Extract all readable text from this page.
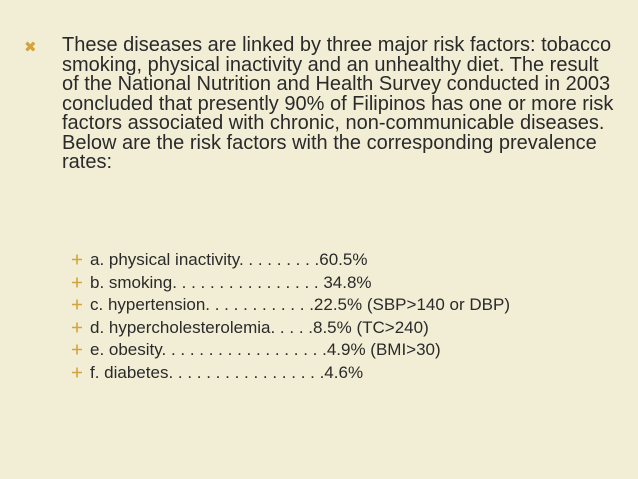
✖ These diseases are linked by three major risk factors: tobacco smoking, physical inactivity and an unhealthy diet. The result of the National Nutrition and Health Survey conducted in 2003 concluded that presently 90% of Filipinos has one or more risk factors associated with chronic, non-communicable diseases. Below are the risk factors with the corresponding prevalence rates:
a. physical inactivity. . . . . . . . .60.5%
b. smoking. . . . . . . . . . . . . . . . 34.8%
c. hypertension. . . . . . . . . . . .22.5% (SBP>140 or DBP)
d. hypercholesterolemia. . . . .8.5% (TC>240)
e. obesity. . . . . . . . . . . . . . . . . .4.9% (BMI>30)
f. diabetes. . . . . . . . . . . . . . . . .4.6%
